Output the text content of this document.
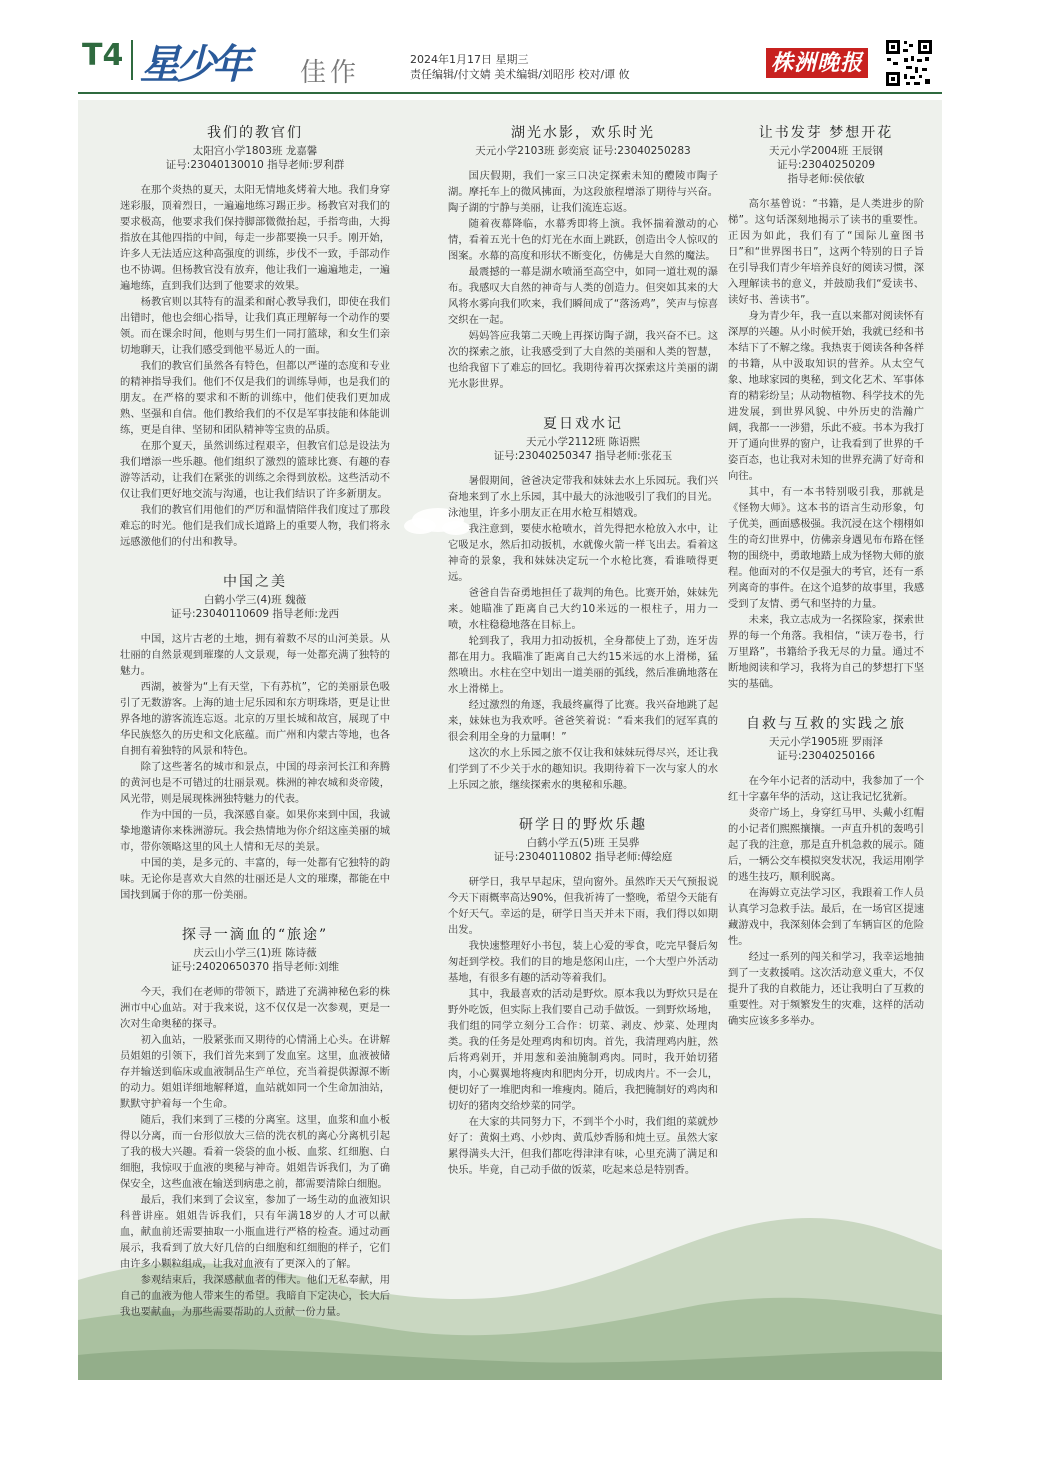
T4 星少年 佳作	2024年1月17日 星期三
责任编辑/付文婧 美术编辑/刘昭彤 校对/谭 攸	株洲晚报
我们的教官们
太阳宫小学1803班 龙嘉馨
证号:23040130010 指导老师:罗利群

在那个炎热的夏天，太阳无情地炙烤着大地。我们身穿迷彩服，顶着烈日，一遍遍地练习踢正步。杨教官对我们的要求极高，他要求我们保持脚部微微抬起，手指弯曲，大拇指放在其他四指的中间，每走一步都要换一只手。刚开始，许多人无法适应这种高强度的训练，步伐不一致，手部动作也不协调。但杨教官没有放弃，他让我们一遍遍地走，一遍遍地练，直到我们达到了他要求的效果。

杨教官则以其特有的温柔和耐心教导我们，即使在我们出错时，他也会细心指导，让我们真正理解每一个动作的要领。而在课余时间，他则与男生们一同打篮球，和女生们亲切地聊天，让我们感受到他平易近人的一面。

我们的教官们虽然各有特色，但都以严谨的态度和专业的精神指导我们。他们不仅是我们的训练导师，也是我们的朋友。在严格的要求和不断的训练中，他们使我们更加成熟、坚强和自信。他们教给我们的不仅是军事技能和体能训练，更是自律、坚韧和团队精神等宝贵的品质。

在那个夏天，虽然训练过程艰辛，但教官们总是设法为我们增添一些乐趣。他们组织了激烈的篮球比赛、有趣的春游等活动，让我们在紧张的训练之余得到放松。这些活动不仅让我们更好地交流与沟通，也让我们结识了许多新朋友。

我们的教官们用他们的严厉和温情陪伴我们度过了那段难忘的时光。他们是我们成长道路上的重要人物，我们将永远感激他们的付出和教导。

中国之美
白鹤小学三(4)班 魏薇
证号:23040110609 指导老师:龙西

中国，这片古老的土地，拥有着数不尽的山河美景。从壮丽的自然景观到璀璨的人文景观，每一处都充满了独特的魅力。

西湖，被誉为“上有天堂，下有苏杭”，它的美丽景色吸引了无数游客。上海的迪士尼乐园和东方明珠塔，更是让世界各地的游客流连忘返。北京的万里长城和故宫，展现了中华民族悠久的历史和文化底蕴。而广州和内蒙古等地，也各自拥有着独特的风景和特色。

除了这些著名的城市和景点，中国的母亲河长江和奔腾的黄河也是不可错过的壮丽景观。株洲的神农城和炎帝陵，风光带，则是展现株洲独特魅力的代表。

作为中国的一员，我深感自豪。如果你来到中国，我诚挚地邀请你来株洲游玩。我会热情地为你介绍这座美丽的城市，带你领略这里的风土人情和无尽的美景。

中国的美，是多元的、丰富的，每一处都有它独特的韵味。无论你是喜欢大自然的壮丽还是人文的璀璨，都能在中国找到属于你的那一份美丽。

探寻一滴血的“旅途”
庆云山小学三(1)班 陈诗薇
证号:24020650370 指导老师:刘维

今天，我们在老师的带领下，踏进了充满神秘色彩的株洲市中心血站。对于我来说，这不仅仅是一次参观，更是一次对生命奥秘的探寻。

初入血站，一股紧张而又期待的心情涌上心头。在讲解员姐姐的引领下，我们首先来到了发血室。这里，血液被储存并输送到临床或血液制品生产单位，充当着提供源源不断的动力。姐姐详细地解释道，血站就如同一个生命加油站，默默守护着每一个生命。

随后，我们来到了三楼的分离室。这里，血浆和血小板得以分离，而一台形似放大三倍的洗衣机的离心分离机引起了我的极大兴趣。看着一袋袋的血小板、血浆、红细胞、白细胞，我惊叹于血液的奥秘与神奇。姐姐告诉我们，为了确保安全，这些血液在输送到病患之前，都需要清除白细胞。

最后，我们来到了会议室，参加了一场生动的血液知识科普讲座。姐姐告诉我们，只有年满18岁的人才可以献血，献血前还需要抽取一小瓶血进行严格的检查。通过动画展示，我看到了放大好几倍的白细胞和红细胞的样子，它们由许多小颗粒组成，让我对血液有了更深入的了解。

参观结束后，我深感献血者的伟大。他们无私奉献，用自己的血液为他人带来生的希望。我暗自下定决心，长大后我也要献血，为那些需要帮助的人贡献一份力量。

湖光水影，欢乐时光
天元小学2103班 彭奕宸 证号:23040250283

国庆假期，我们一家三口决定探索未知的醴陵市陶子湖。摩托车上的微风拂面，为这段旅程增添了期待与兴奋。陶子湖的宁静与美丽，让我们流连忘返。

随着夜幕降临，水幕秀即将上演。我怀揣着激动的心情，看着五光十色的灯光在水面上跳跃，创造出令人惊叹的图案。水幕的高度和形状不断变化，仿佛是大自然的魔法。

最震撼的一幕是湖水喷涌至高空中，如同一道壮观的瀑布。我感叹大自然的神奇与人类的创造力。但突如其来的大风将水雾向我们吹来，我们瞬间成了“落汤鸡”，笑声与惊喜交织在一起。

妈妈答应我第二天晚上再探访陶子湖，我兴奋不已。这次的探索之旅，让我感受到了大自然的美丽和人类的智慧，也给我留下了难忘的回忆。我期待着再次探索这片美丽的湖光水影世界。

夏日戏水记
天元小学2112班 陈语熙
证号:23040250347 指导老师:张花玉

暑假期间，爸爸决定带我和妹妹去水上乐园玩。我们兴奋地来到了水上乐园，其中最大的泳池吸引了我们的目光。泳池里，许多小朋友正在用水枪互相嬉戏。

我注意到，要使水枪喷水，首先得把水枪放入水中，让它吸足水，然后扣动扳机，水就像火箭一样飞出去。看着这神奇的景象，我和妹妹决定玩一个水枪比赛，看谁喷得更远。

爸爸自告奋勇地担任了裁判的角色。比赛开始，妹妹先来。她瞄准了距离自己大约10米远的一根柱子，用力一喷，水柱稳稳地落在目标上。

轮到我了，我用力扣动扳机，全身都使上了劲，连牙齿都在用力。我瞄准了距离自己大约15米远的水上滑梯，猛然喷出。水柱在空中划出一道美丽的弧线，然后准确地落在水上滑梯上。

经过激烈的角逐，我最终赢得了比赛。我兴奋地跳了起来，妹妹也为我欢呼。爸爸笑着说：“看来我们的冠军真的很会利用全身的力量啊！”

这次的水上乐园之旅不仅让我和妹妹玩得尽兴，还让我们学到了不少关于水的趣知识。我期待着下一次与家人的水上乐园之旅，继续探索水的奥秘和乐趣。

研学日的野炊乐趣
白鹤小学五(5)班 王昊骅
证号:23040110802 指导老师:傅绘庭

研学日，我早早起床，望向窗外。虽然昨天天气预报说今天下雨概率高达90%，但我祈祷了一整晚，希望今天能有个好天气。幸运的是，研学日当天并未下雨，我们得以如期出发。

我快速整理好小书包，装上心爱的零食，吃完早餐后匆匆赶到学校。我们的目的地是悠闲山庄，一个大型户外活动基地，有很多有趣的活动等着我们。

其中，我最喜欢的活动是野炊。原本我以为野炊只是在野外吃饭，但实际上我们要自己动手做饭。一到野炊场地，我们组的同学立刻分工合作：切菜、剥皮、炒菜、处理肉类。我的任务是处理鸡肉和切肉。首先，我清理鸡内脏，然后将鸡剁开，并用葱和姜油腌制鸡肉。同时，我开始切猪肉，小心翼翼地将瘦肉和肥肉分开，切成肉片。不一会儿，便切好了一堆肥肉和一堆瘦肉。随后，我把腌制好的鸡肉和切好的猪肉交给炒菜的同学。

在大家的共同努力下，不到半个小时，我们组的菜就炒好了：黄焖土鸡、小炒肉、黄瓜炒香肠和炖土豆。虽然大家累得满头大汗，但我们都吃得津津有味，心里充满了满足和快乐。毕竟，自己动手做的饭菜，吃起来总是特别香。

让书发芽 梦想开花
天元小学2004班 王辰钢
证号:23040250209
指导老师:侯依敏

高尔基曾说：“书籍，是人类进步的阶梯”。这句话深刻地揭示了读书的重要性。正因为如此，我们有了“国际儿童图书日”和“世界图书日”，这两个特别的日子旨在引导我们青少年培养良好的阅读习惯，深入理解读书的意义，并鼓励我们“爱读书、读好书、善读书”。

身为青少年，我一直以来都对阅读怀有深厚的兴趣。从小时候开始，我就已经和书本结下了不解之缘。我热衷于阅读各种各样的书籍，从中汲取知识的营养。从太空气象、地球家园的奥秘，到文化艺术、军事体育的精彩纷呈；从动物植物、科学技术的先进发展，到世界风貌、中外历史的浩瀚广阔，我都一一涉猎，乐此不疲。书本为我打开了通向世界的窗户，让我看到了世界的千姿百态，也让我对未知的世界充满了好奇和向往。

其中，有一本书特别吸引我，那就是《怪物大师》。这本书的语言生动形象，句子优美，画面感极强。我沉浸在这个栩栩如生的奇幻世界中，仿佛亲身遇见布布路在怪物的围绕中，勇敢地踏上成为怪物大师的旅程。他面对的不仅是强大的考官，还有一系列离奇的事件。在这个追梦的故事里，我感受到了友情、勇气和坚持的力量。

未来，我立志成为一名探险家，探索世界的每一个角落。我相信，“读万卷书，行万里路”，书籍给予我无尽的力量。通过不断地阅读和学习，我将为自己的梦想打下坚实的基础。

自救与互救的实践之旅
天元小学1905班 罗雨泽
证号:23040250166

在今年小记者的活动中，我参加了一个红十字嘉年华的活动，这让我记忆犹新。

炎帝广场上，身穿红马甲、头戴小红帽的小记者们熙熙攘攘。一声直升机的轰鸣引起了我的注意，那是直升机急救的展示。随后，一辆公交车模拟突发状况，我运用刚学的逃生技巧，顺利脱离。

在海姆立克法学习区，我跟着工作人员认真学习急救手法。最后，在一场官区提速藏游戏中，我深刻体会到了车辆盲区的危险性。

经过一系列的闯关和学习，我幸运地抽到了一支救援哨。这次活动意义重大，不仅提升了我的自救能力，还让我明白了互救的重要性。对于频繁发生的灾难，这样的活动确实应该多多举办。
